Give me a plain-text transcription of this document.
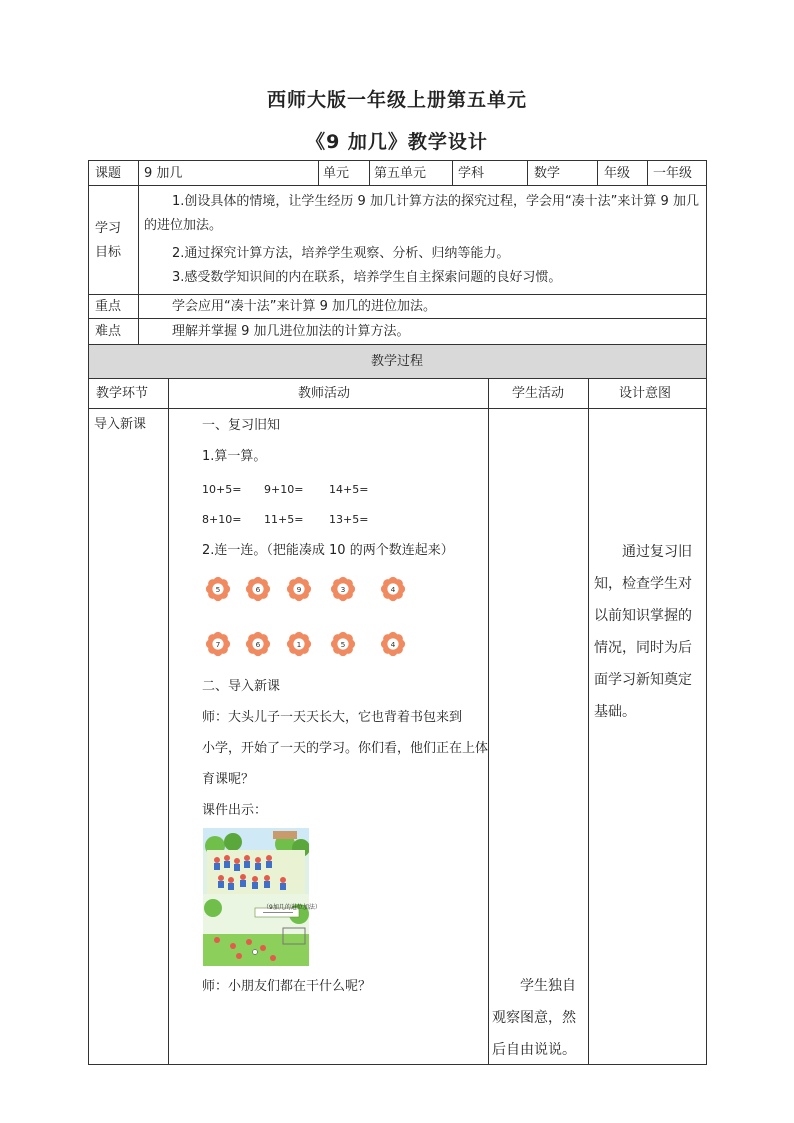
西师大版一年级上册第五单元
《9 加几》教学设计
课题 9 加几	单元 第五单元 学科	数学	年级 一年级
学习
目标
1.创设具体的情境，让学生经历 9 加几计算方法的探究过程，学会用“凑十法”来计算 9 加几的进位加法。
2.通过探究计算方法，培养学生观察、分析、归纳等能力。
3.感受数学知识间的内在联系，培养学生自主探索问题的良好习惯。
重点	学会应用“凑十法”来计算 9 加几的进位加法。
难点	理解并掌握 9 加几进位加法的计算方法。
教学过程
教学环节	教师活动	学生活动	设计意图
导入新课	一、复习旧知
1.算一算。
10+5= 9+10= 14+5=
8+10= 11+5= 13+5=
2.连一连。（把能凑成 10 的两个数连起来）
5	6	9	3	4
7	6	1	5	4
二、导入新课
师：大头儿子一天天长大，它也背着书包来到
小学，开始了一天的学习。你们看，他们正在上体
育课呢？
课件出示：
（9加几的进位加法）
师：小朋友们都在干什么呢？	学生独自观察图意，然后自由说说。
通过复习旧知，检查学生对以前知识掌握的情况，同时为后面学习新知奠定基础。
